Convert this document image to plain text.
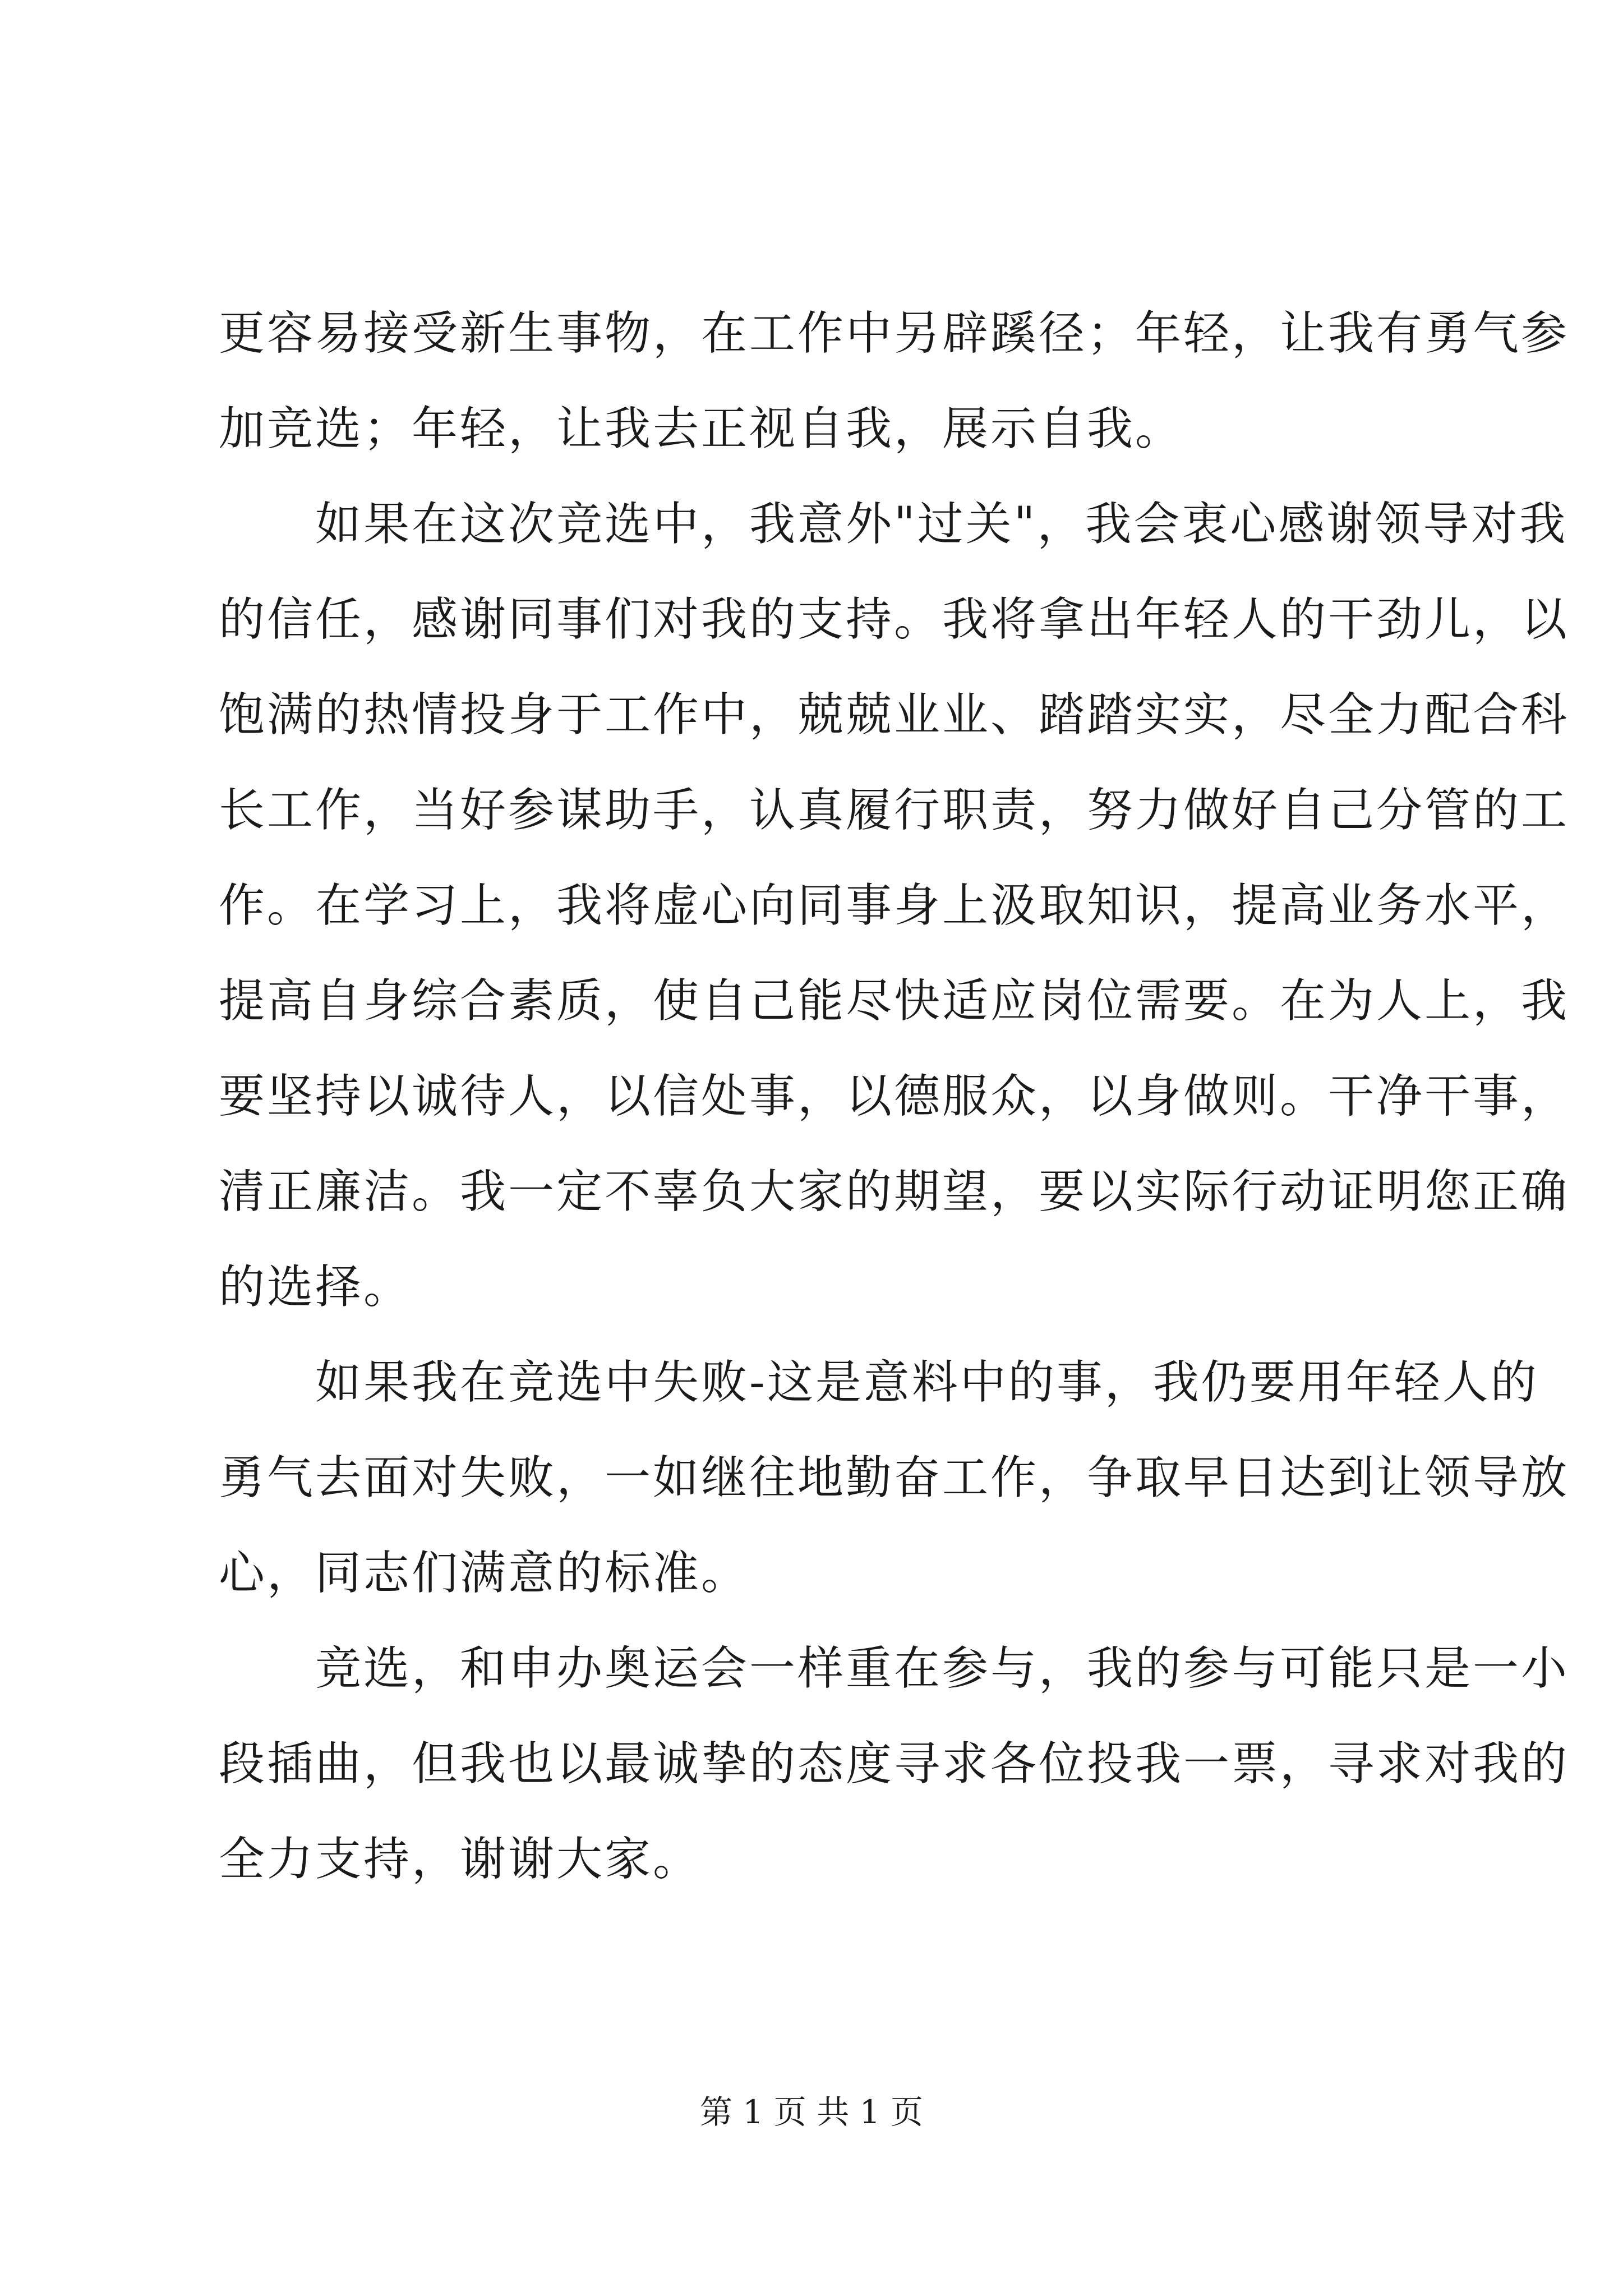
更容易接受新生事物，在工作中另辟蹊径；年轻，让我有勇气参
加竞选；年轻，让我去正视自我，展示自我。
　　如果在这次竞选中，我意外"过关"，我会衷心感谢领导对我
的信任，感谢同事们对我的支持。我将拿出年轻人的干劲儿，以
饱满的热情投身于工作中，兢兢业业、踏踏实实，尽全力配合科
长工作，当好参谋助手，认真履行职责，努力做好自己分管的工
作。在学习上，我将虚心向同事身上汲取知识，提高业务水平，
提高自身综合素质，使自己能尽快适应岗位需要。在为人上，我
要坚持以诚待人，以信处事，以德服众，以身做则。干净干事，
清正廉洁。我一定不辜负大家的期望，要以实际行动证明您正确
的选择。
　　如果我在竞选中失败-这是意料中的事，我仍要用年轻人的
勇气去面对失败，一如继往地勤奋工作，争取早日达到让领导放
心，同志们满意的标准。
　　竞选，和申办奥运会一样重在参与，我的参与可能只是一小
段插曲，但我也以最诚挚的态度寻求各位投我一票，寻求对我的
全力支持，谢谢大家。
第 1 页 共 1 页
